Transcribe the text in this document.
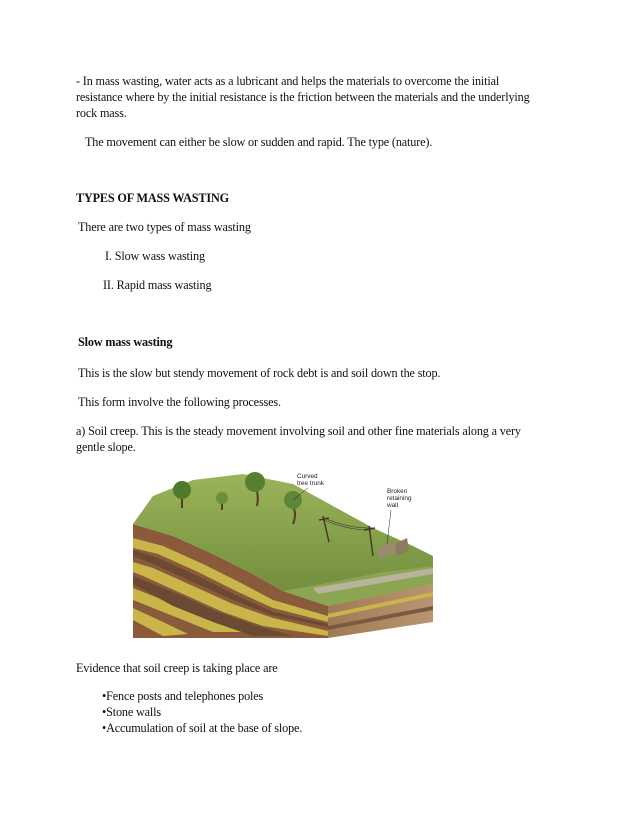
- In mass wasting, water acts as a lubricant and helps the materials to overcome the initial
resistance where by the initial resistance is the friction between the materials and the underlying
rock mass.
The movement can either be slow or sudden and rapid. The type (nature).
TYPES OF MASS WASTING
There are two types of mass wasting
I. Slow wass wasting
II. Rapid mass wasting
Slow mass wasting
This is the slow but stendy movement of rock debt is and soil down the stop.
This form involve the following processes.
a) Soil creep. This is the steady movement involving soil and other fine materials along a very
gentle slope.
Curved
tree trunk
Broken
retaining
wall
Evidence that soil creep is taking place are
•Fence posts and telephones poles
•Stone walls
•Accumulation of soil at the base of slope.
